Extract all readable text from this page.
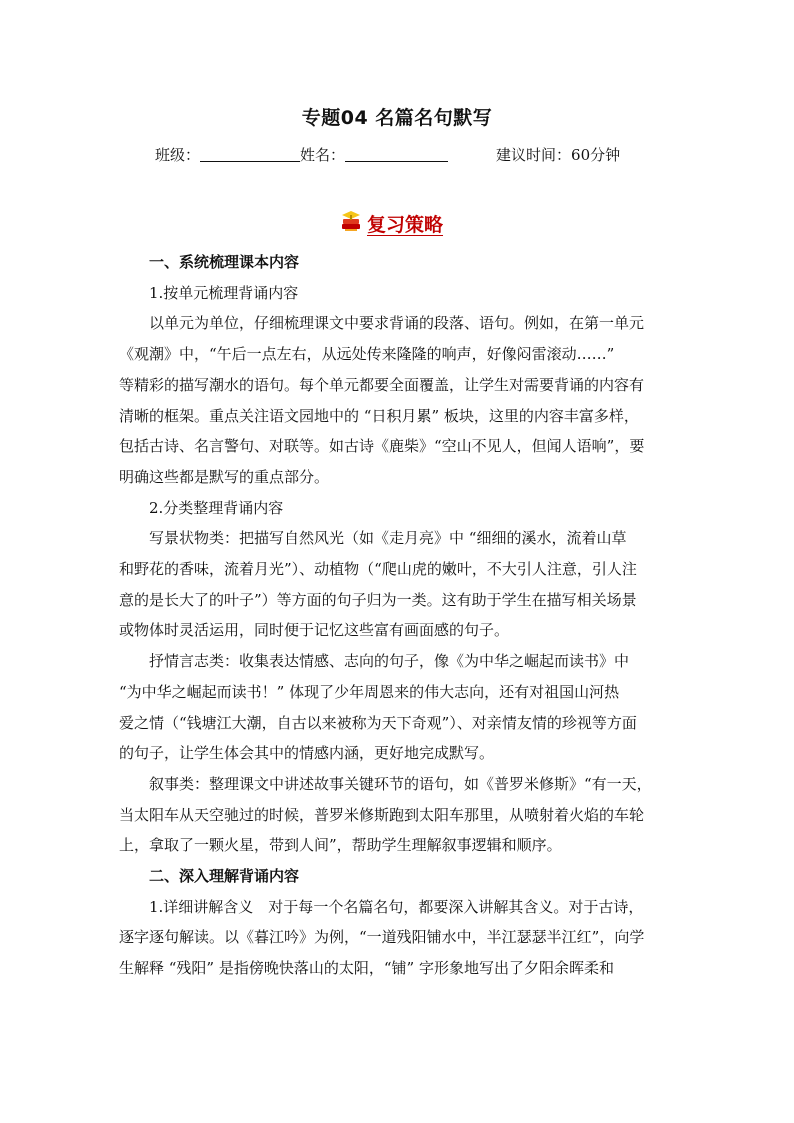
专题04 名篇名句默写
班级：	姓名：	建议时间：60分钟
复习策略

一、系统梳理课本内容

1.按单元梳理背诵内容

以单元为单位，仔细梳理课文中要求背诵的段落、语句。例如，在第一单元

《观潮》中，“午后一点左右，从远处传来隆隆的响声，好像闷雷滚动……”

等精彩的描写潮水的语句。每个单元都要全面覆盖，让学生对需要背诵的内容有

清晰的框架。重点关注语文园地中的 “日积月累” 板块，这里的内容丰富多样，

包括古诗、名言警句、对联等。如古诗《鹿柴》“空山不见人，但闻人语响”，要

明确这些都是默写的重点部分。

2.分类整理背诵内容

写景状物类：把描写自然风光（如《走月亮》中 “细细的溪水，流着山草

和野花的香味，流着月光”）、动植物（“爬山虎的嫩叶，不大引人注意，引人注

意的是长大了的叶子”）等方面的句子归为一类。这有助于学生在描写相关场景

或物体时灵活运用，同时便于记忆这些富有画面感的句子。

抒情言志类：收集表达情感、志向的句子，像《为中华之崛起而读书》中

“为中华之崛起而读书！” 体现了少年周恩来的伟大志向，还有对祖国山河热

爱之情（“钱塘江大潮，自古以来被称为天下奇观”）、对亲情友情的珍视等方面

的句子，让学生体会其中的情感内涵，更好地完成默写。

叙事类：整理课文中讲述故事关键环节的语句，如《普罗米修斯》“有一天，

当太阳车从天空驰过的时候，普罗米修斯跑到太阳车那里，从喷射着火焰的车轮

上，拿取了一颗火星，带到人间”，帮助学生理解叙事逻辑和顺序。

二、深入理解背诵内容

1.详细讲解含义　对于每一个名篇名句，都要深入讲解其含义。对于古诗，

逐字逐句解读。以《暮江吟》为例，“一道残阳铺水中，半江瑟瑟半江红”，向学

生解释 “残阳” 是指傍晚快落山的太阳，“铺” 字形象地写出了夕阳余晖柔和
